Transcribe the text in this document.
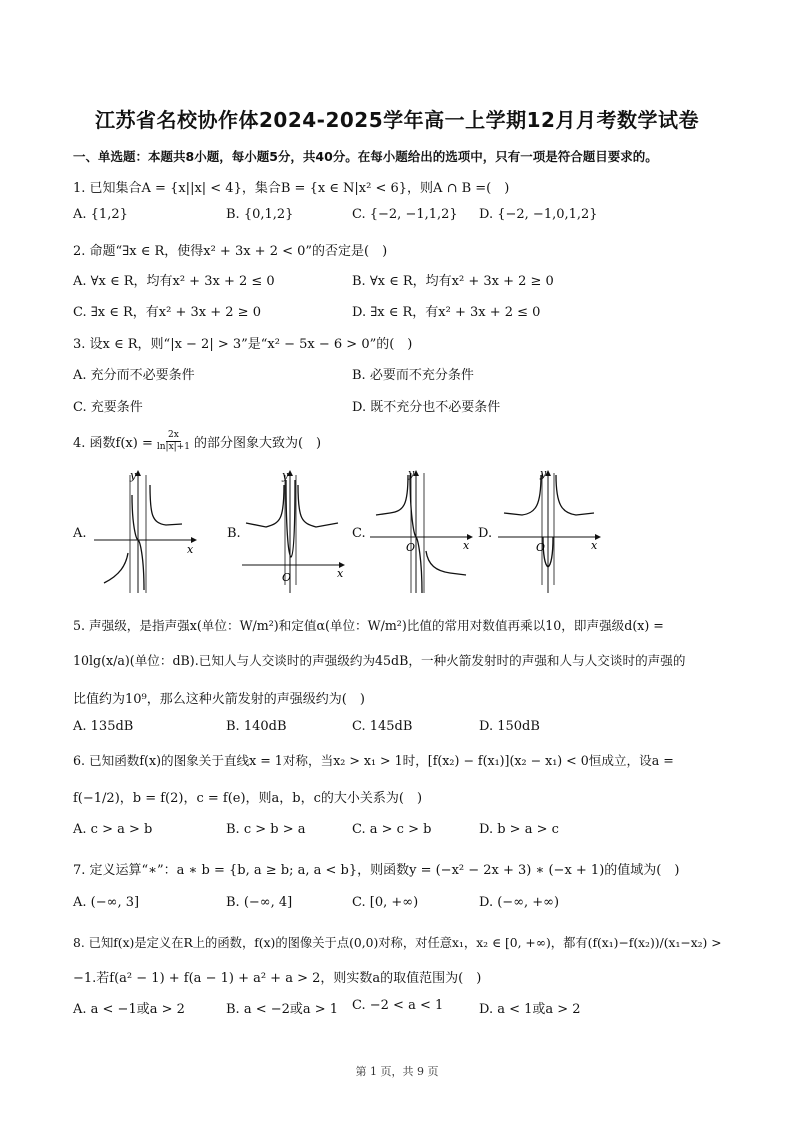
江苏省名校协作体2024-2025学年高一上学期12月月考数学试卷
一、单选题：本题共8小题，每小题5分，共40分。在每小题给出的选项中，只有一项是符合题目要求的。
1. 已知集合A = {x||x| < 4}，集合B = {x ∈ N|x² < 6}，则A ∩ B =(　)
A. {1,2}	B. {0,1,2}	C. {−2, −1,1,2} D. {−2, −1,0,1,2}
2. 命题“∃x ∈ R，使得x² + 3x + 2 < 0”的否定是(　)
A. ∀x ∈ R，均有x² + 3x + 2 ≤ 0	B. ∀x ∈ R，均有x² + 3x + 2 ≥ 0
C. ∃x ∈ R，有x² + 3x + 2 ≥ 0	D. ∃x ∈ R，有x² + 3x + 2 ≤ 0
3. 设x ∈ R，则“|x − 2| > 3”是“x² − 5x − 6 > 0”的(　)
A. 充分而不必要条件	B. 必要而不充分条件
C. 充要条件	D. 既不充分也不必要条件
4. 函数$f(x) = \frac{2x}{\ln|x|+1}$ 的部分图象大致为(　)
A.	B.	C.	D.
y
x
y
x
O
y
x
O
y
x
O
5. 声强级，是指声强x(单位：W/m²)和定值α(单位：W/m²)比值的常用对数值再乘以10，即声强级d(x) =
10lg(x/a)(单位：dB).已知人与人交谈时的声强级约为45dB，一种火箭发射时的声强和人与人交谈时的声强的
比值约为10⁹，那么这种火箭发射的声强级约为(　)
A. 135dB	B. 140dB	C. 145dB	D. 150dB
6. 已知函数f(x)的图象关于直线x = 1对称，当x₂ > x₁ > 1时，[f(x₂) − f(x₁)](x₂ − x₁) < 0恒成立，设a =
f(−1/2)，b = f(2)，c = f(e)，则a，b，c的大小关系为(　)
A. c > a > b	B. c > b > a	C. a > c > b	D. b > a > c
7. 定义运算“∗”：a ∗ b = {b, a ≥ b; a, a < b}，则函数y = (−x² − 2x + 3) ∗ (−x + 1)的值域为(　)
A. (−∞, 3]	B. (−∞, 4]	C. [0, +∞)	D. (−∞, +∞)
8. 已知f(x)是定义在R上的函数，f(x)的图像关于点(0,0)对称，对任意x₁，x₂ ∈ [0, +∞)，都有(f(x₁)−f(x₂))/(x₁−x₂) >
−1.若f(a² − 1) + f(a − 1) + a² + a > 2，则实数a的取值范围为(　)
A. a < −1或a > 2	B. a < −2或a > 1 C. −2 < a < 1	D. a < 1或a > 2
第 1 页，共 9 页
